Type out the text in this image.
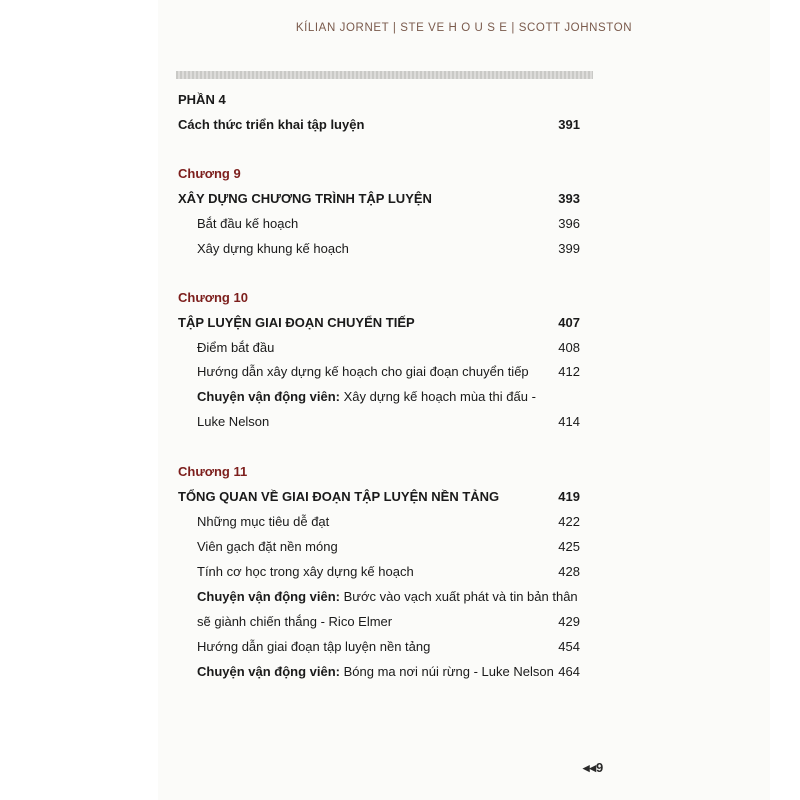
KÍLIAN JORNET | STE VE H O U S E | SCOTT JOHNSTON
PHẦN 4
Cách thức triển khai tập luyện	391
Chương 9
XÂY DỰNG CHƯƠNG TRÌNH TẬP LUYỆN	393
Bắt đầu kế hoạch	396
Xây dựng khung kế hoạch	399
Chương 10
TẬP LUYỆN GIAI ĐOẠN CHUYỂN TIẾP	407
Điểm bắt đầu	408
Hướng dẫn xây dựng kế hoạch cho giai đoạn chuyển tiếp 412
Chuyện vận động viên: Xây dựng kế hoạch mùa thi đấu -
Luke Nelson	414
Chương 11
TỔNG QUAN VỀ GIAI ĐOẠN TẬP LUYỆN NỀN TẢNG	419
Những mục tiêu dễ đạt	422
Viên gạch đặt nền móng	425
Tính cơ học trong xây dựng kế hoạch	428
Chuyện vận động viên: Bước vào vạch xuất phát và tin bản thân
sẽ giành chiến thắng - Rico Elmer	429
Hướng dẫn giai đoạn tập luyện nền tảng	454
Chuyện vận động viên: Bóng ma nơi núi rừng - Luke Nelson 464
◂◂9
